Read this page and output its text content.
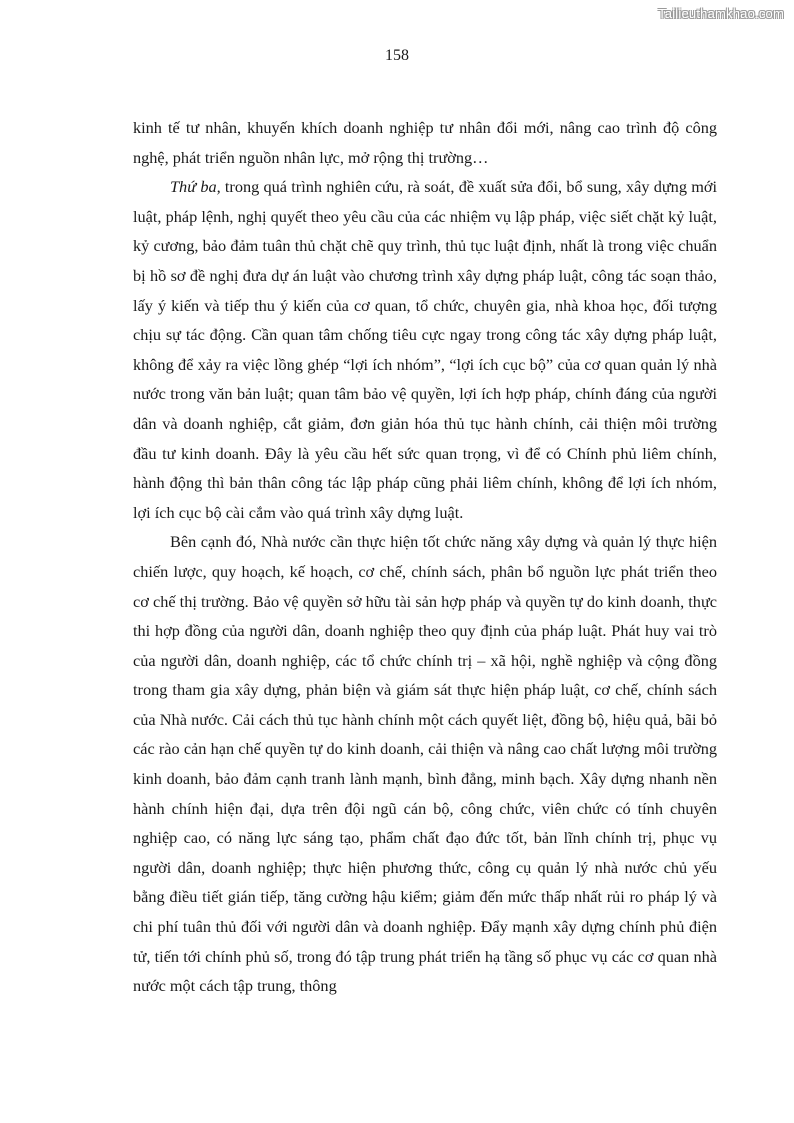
Tailieuthamkhao.com
158

kinh tế tư nhân, khuyến khích doanh nghiệp tư nhân đổi mới, nâng cao trình độ công nghệ, phát triển nguồn nhân lực, mở rộng thị trường…

Thứ ba, trong quá trình nghiên cứu, rà soát, đề xuất sửa đổi, bổ sung, xây dựng mới luật, pháp lệnh, nghị quyết theo yêu cầu của các nhiệm vụ lập pháp, việc siết chặt kỷ luật, kỷ cương, bảo đảm tuân thủ chặt chẽ quy trình, thủ tục luật định, nhất là trong việc chuẩn bị hồ sơ đề nghị đưa dự án luật vào chương trình xây dựng pháp luật, công tác soạn thảo, lấy ý kiến và tiếp thu ý kiến của cơ quan, tổ chức, chuyên gia, nhà khoa học, đối tượng chịu sự tác động. Cần quan tâm chống tiêu cực ngay trong công tác xây dựng pháp luật, không để xảy ra việc lồng ghép “lợi ích nhóm”, “lợi ích cục bộ” của cơ quan quản lý nhà nước trong văn bản luật; quan tâm bảo vệ quyền, lợi ích hợp pháp, chính đáng của người dân và doanh nghiệp, cắt giảm, đơn giản hóa thủ tục hành chính, cải thiện môi trường đầu tư kinh doanh. Đây là yêu cầu hết sức quan trọng, vì để có Chính phủ liêm chính, hành động thì bản thân công tác lập pháp cũng phải liêm chính, không để lợi ích nhóm, lợi ích cục bộ cài cắm vào quá trình xây dựng luật.

Bên cạnh đó, Nhà nước cần thực hiện tốt chức năng xây dựng và quản lý thực hiện chiến lược, quy hoạch, kế hoạch, cơ chế, chính sách, phân bổ nguồn lực phát triển theo cơ chế thị trường. Bảo vệ quyền sở hữu tài sản hợp pháp và quyền tự do kinh doanh, thực thi hợp đồng của người dân, doanh nghiệp theo quy định của pháp luật. Phát huy vai trò của người dân, doanh nghiệp, các tổ chức chính trị – xã hội, nghề nghiệp và cộng đồng trong tham gia xây dựng, phản biện và giám sát thực hiện pháp luật, cơ chế, chính sách của Nhà nước. Cải cách thủ tục hành chính một cách quyết liệt, đồng bộ, hiệu quả, bãi bỏ các rào cản hạn chế quyền tự do kinh doanh, cải thiện và nâng cao chất lượng môi trường kinh doanh, bảo đảm cạnh tranh lành mạnh, bình đẳng, minh bạch. Xây dựng nhanh nền hành chính hiện đại, dựa trên đội ngũ cán bộ, công chức, viên chức có tính chuyên nghiệp cao, có năng lực sáng tạo, phẩm chất đạo đức tốt, bản lĩnh chính trị, phục vụ người dân, doanh nghiệp; thực hiện phương thức, công cụ quản lý nhà nước chủ yếu bằng điều tiết gián tiếp, tăng cường hậu kiểm; giảm đến mức thấp nhất rủi ro pháp lý và chi phí tuân thủ đối với người dân và doanh nghiệp. Đẩy mạnh xây dựng chính phủ điện tử, tiến tới chính phủ số, trong đó tập trung phát triển hạ tầng số phục vụ các cơ quan nhà nước một cách tập trung, thông
